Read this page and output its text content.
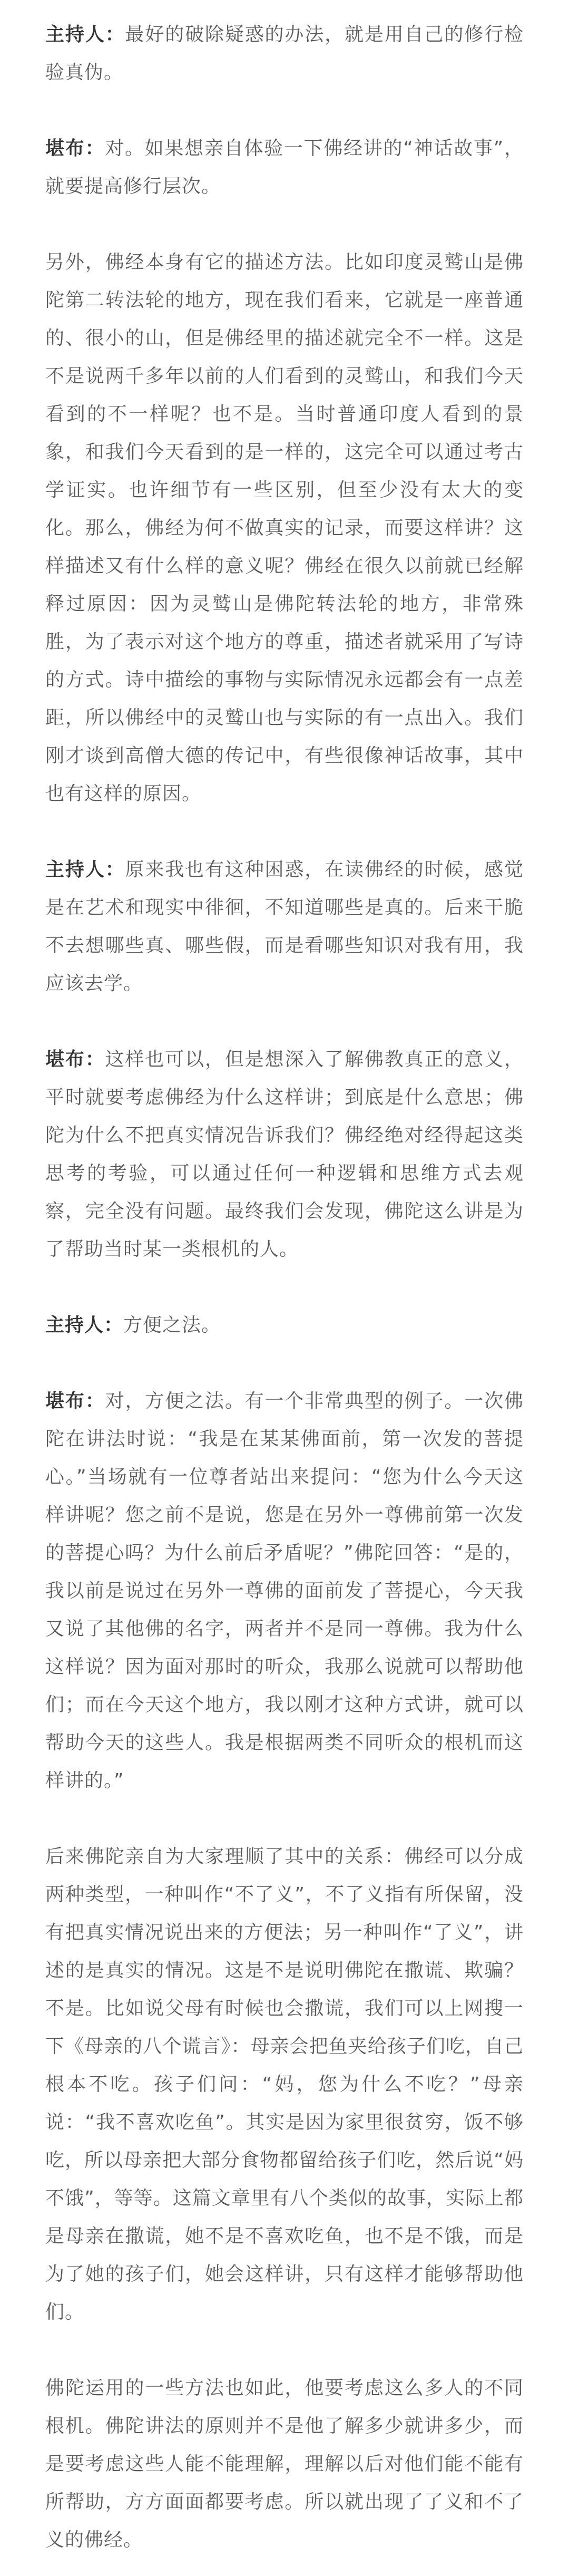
主持人：最好的破除疑惑的办法，就是用自己的修行检验真伪。

堪布：对。如果想亲自体验一下佛经讲的“神话故事”，就要提高修行层次。

另外，佛经本身有它的描述方法。比如印度灵鹫山是佛陀第二转法轮的地方，现在我们看来，它就是一座普通的、很小的山，但是佛经里的描述就完全不一样。这是不是说两千多年以前的人们看到的灵鹫山，和我们今天看到的不一样呢？也不是。当时普通印度人看到的景象，和我们今天看到的是一样的，这完全可以通过考古学证实。也许细节有一些区别，但至少没有太大的变化。那么，佛经为何不做真实的记录，而要这样讲？这样描述又有什么样的意义呢？佛经在很久以前就已经解释过原因：因为灵鹫山是佛陀转法轮的地方，非常殊胜，为了表示对这个地方的尊重，描述者就采用了写诗的方式。诗中描绘的事物与实际情况永远都会有一点差距，所以佛经中的灵鹫山也与实际的有一点出入。我们刚才谈到高僧大德的传记中，有些很像神话故事，其中也有这样的原因。

主持人：原来我也有这种困惑，在读佛经的时候，感觉是在艺术和现实中徘徊，不知道哪些是真的。后来干脆不去想哪些真、哪些假，而是看哪些知识对我有用，我应该去学。

堪布：这样也可以，但是想深入了解佛教真正的意义，平时就要考虑佛经为什么这样讲；到底是什么意思；佛陀为什么不把真实情况告诉我们？佛经绝对经得起这类思考的考验，可以通过任何一种逻辑和思维方式去观察，完全没有问题。最终我们会发现，佛陀这么讲是为了帮助当时某一类根机的人。

主持人：方便之法。

堪布：对，方便之法。有一个非常典型的例子。一次佛陀在讲法时说：“我是在某某佛面前，第一次发的菩提心。”当场就有一位尊者站出来提问：“您为什么今天这样讲呢？您之前不是说，您是在另外一尊佛前第一次发的菩提心吗？为什么前后矛盾呢？”佛陀回答：“是的，我以前是说过在另外一尊佛的面前发了菩提心，今天我又说了其他佛的名字，两者并不是同一尊佛。我为什么这样说？因为面对那时的听众，我那么说就可以帮助他们；而在今天这个地方，我以刚才这种方式讲，就可以帮助今天的这些人。我是根据两类不同听众的根机而这样讲的。”

后来佛陀亲自为大家理顺了其中的关系：佛经可以分成两种类型，一种叫作“不了义”，不了义指有所保留，没有把真实情况说出来的方便法；另一种叫作“了义”，讲述的是真实的情况。这是不是说明佛陀在撒谎、欺骗？不是。比如说父母有时候也会撒谎，我们可以上网搜一下《母亲的八个谎言》：母亲会把鱼夹给孩子们吃，自己根本不吃。孩子们问：“妈，您为什么不吃？”母亲说：“我不喜欢吃鱼”。其实是因为家里很贫穷，饭不够吃，所以母亲把大部分食物都留给孩子们吃，然后说“妈不饿”，等等。这篇文章里有八个类似的故事，实际上都是母亲在撒谎，她不是不喜欢吃鱼，也不是不饿，而是为了她的孩子们，她会这样讲，只有这样才能够帮助他们。

佛陀运用的一些方法也如此，他要考虑这么多人的不同根机。佛陀讲法的原则并不是他了解多少就讲多少，而是要考虑这些人能不能理解，理解以后对他们能不能有所帮助，方方面面都要考虑。所以就出现了了义和不了义的佛经。
